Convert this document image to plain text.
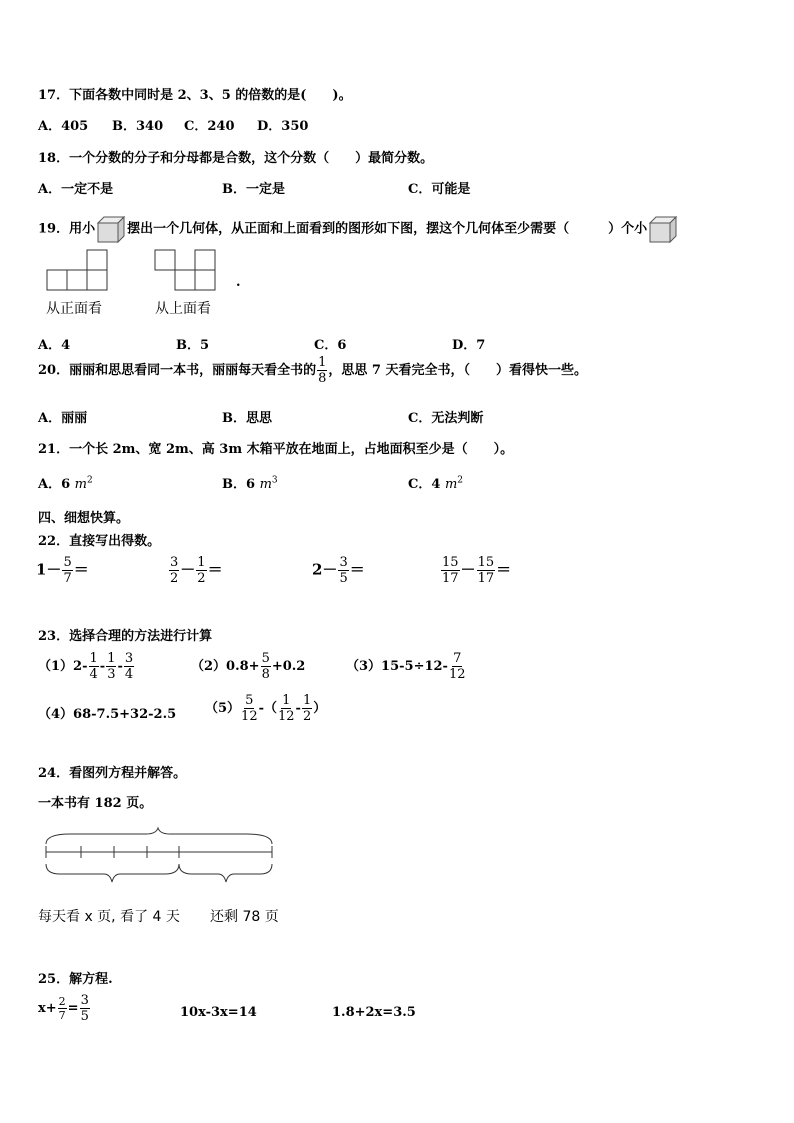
17．下面各数中同时是 2、3、5 的倍数的是(　　)。
A．405 B．340 C．240 D．350
18．一个分数的分子和分母都是合数，这个分数（　　）最简分数。
A．一定不是	B．一定是	C．可能是
19．用小 摆出一个几何体，从正面和上面看到的图形如下图，摆这个几何体至少需要（　　　）个小
从正面看	从上面看
.
A．4	B．5	C．6	D．7
20．丽丽和思思看同一本书，丽丽每天看全书的 $\frac{1}{8}$ ，思思 7 天看完全书，（　　）看得快一些。
A．丽丽	B．思思	C．无法判断
21．一个长 2m、宽 2m、高 3m 木箱平放在地面上，占地面积至少是（　　）。
A．6 $m^2$	B．6 $m^3$	C．4 $m^2$
四、细想快算。
22．直接写出得数。
$1- \frac{5}{7}$ ＝	$\frac{3}{2} - \frac{1}{2}$ ＝	$2- \frac{3}{5}$ ＝	$\frac{15}{17} - \frac{15}{17}$ ＝
23．选择合理的方法进行计算
$(1)2- \frac{1}{4} - \frac{1}{3} - \frac{3}{4}$	$(2)0.8+ \frac{5}{8} +0.2$	$(3)15-5\div 12- \frac{7}{12}$
（4）68-7.5+32-2.5 $(5) \frac{5}{12}$ -（ $\frac{1}{12} - \frac{1}{2}$ ）
24．看图列方程并解答。
一本书有 182 页。
每天看 x 页, 看了 4 天 还剩 78 页
25．解方程.
$x+ \frac{2}{7} = \frac{3}{5}$	10x-3x=14	1.8+2x=3.5
